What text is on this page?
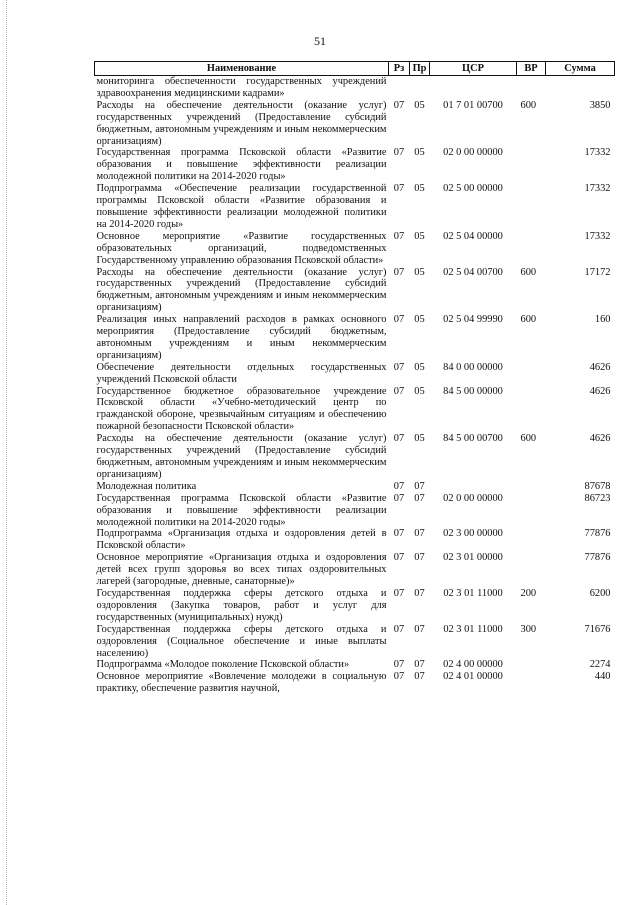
51
Наименование	Рз	Пр	ЦСР	ВР	Сумма
мониторинга обеспеченности государственных учреждений здравоохранения медицинскими кадрами»					
Расходы на обеспечение деятельности (оказание услуг) государственных учреждений (Предоставление субсидий бюджетным, автономным учреждениям и иным некоммерческим организациям)	07	05	01 7 01 00700	600	3850
Государственная программа Псковской области «Развитие образования и повышение эффективности реализации молодежной политики на 2014-2020 годы»	07	05	02 0 00 00000		17332
Подпрограмма «Обеспечение реализации государственной программы Псковской области «Развитие образования и повышение эффективности реализации молодежной политики на 2014-2020 годы»	07	05	02 5 00 00000		17332
Основное мероприятие «Развитие государственных образовательных организаций, подведомственных Государственному управлению образования Псковской области»	07	05	02 5 04 00000		17332
Расходы на обеспечение деятельности (оказание услуг) государственных учреждений (Предоставление субсидий бюджетным, автономным учреждениям и иным некоммерческим организациям)	07	05	02 5 04 00700	600	17172
Реализация иных направлений расходов в рамках основного мероприятия (Предоставление субсидий бюджетным, автономным учреждениям и иным некоммерческим организациям)	07	05	02 5 04 99990	600	160
Обеспечение деятельности отдельных государственных учреждений Псковской области	07	05	84 0 00 00000		4626
Государственное бюджетное образовательное учреждение Псковской области «Учебно-методический центр по гражданской обороне, чрезвычайным ситуациям и обеспечению пожарной безопасности Псковской области»	07	05	84 5 00 00000		4626
Расходы на обеспечение деятельности (оказание услуг) государственных учреждений (Предоставление субсидий бюджетным, автономным учреждениям и иным некоммерческим организациям)	07	05	84 5 00 00700	600	4626
Молодежная политика	07	07			87678
Государственная программа Псковской области «Развитие образования и повышение эффективности реализации молодежной политики на 2014-2020 годы»	07	07	02 0 00 00000		86723
Подпрограмма «Организация отдыха и оздоровления детей в Псковской области»	07	07	02 3 00 00000		77876
Основное мероприятие «Организация отдыха и оздоровления детей всех групп здоровья во всех типах оздоровительных лагерей (загородные, дневные, санаторные)»	07	07	02 3 01 00000		77876
Государственная поддержка сферы детского отдыха и оздоровления (Закупка товаров, работ и услуг для государственных (муниципальных) нужд)	07	07	02 3 01 11000	200	6200
Государственная поддержка сферы детского отдыха и оздоровления (Социальное обеспечение и иные выплаты населению)	07	07	02 3 01 11000	300	71676
Подпрограмма «Молодое поколение Псковской области»	07	07	02 4 00 00000		2274
Основное мероприятие «Вовлечение молодежи в социальную практику, обеспечение развития научной,	07	07	02 4 01 00000		440
